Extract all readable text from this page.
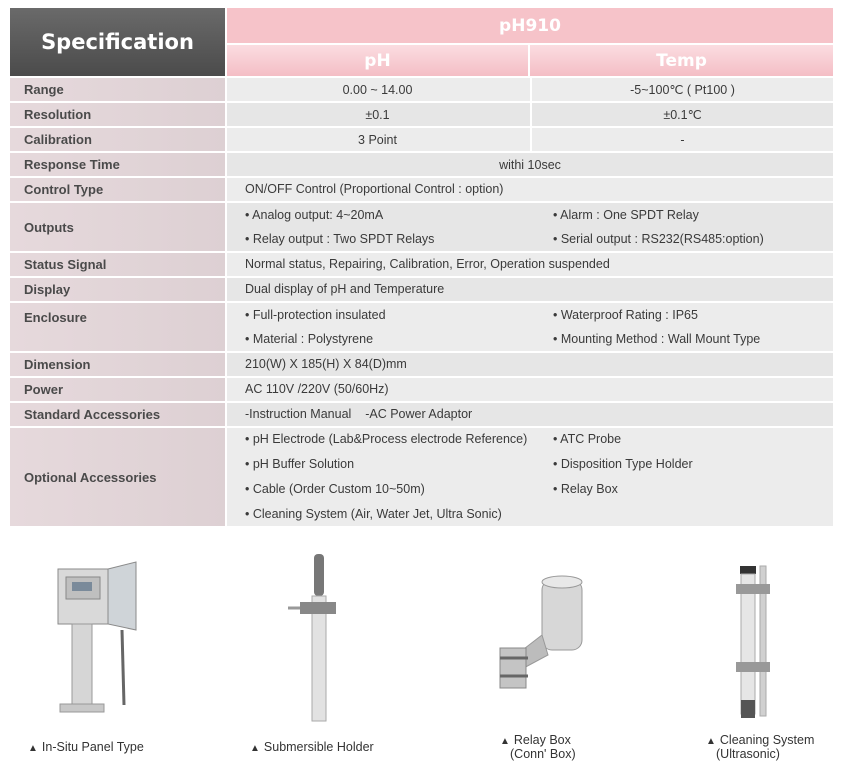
Specification
pH910
pH	Temp
Range	0.00 ~ 14.00	-5~100℃ ( Pt100 )
Resolution	±0.1	±0.1℃
Calibration	3 Point	-
Response Time	withi 10sec
Control Type	ON/OFF Control (Proportional Control : option)
Outputs
• Analog output: 4~20mA	• Alarm : One SPDT Relay
• Relay output : Two SPDT Relays	• Serial output : RS232(RS485:option)
Status Signal	Normal status, Repairing, Calibration, Error, Operation suspended
Display	Dual display of pH and Temperature
Enclosure	• Full-protection insulated	• Waterproof Rating : IP65
• Material : Polystyrene	• Mounting Method : Wall Mount Type
Dimension	210(W) X 185(H) X 84(D)mm
Power	AC 110V /220V (50/60Hz)
Standard Accessories	-Instruction Manual    -AC Power Adaptor
Optional Accessories
• pH Electrode (Lab&Process electrode Reference) • ATC Probe
• pH Buffer Solution	• Disposition Type Holder
• Cable (Order Custom 10~50m)	• Relay Box
• Cleaning System (Air, Water Jet, Ultra Sonic)
▲ In-Situ Panel Type	▲ Submersible Holder	▲ Relay Box
(Conn' Box)
▲ Cleaning System
(Ultrasonic)
